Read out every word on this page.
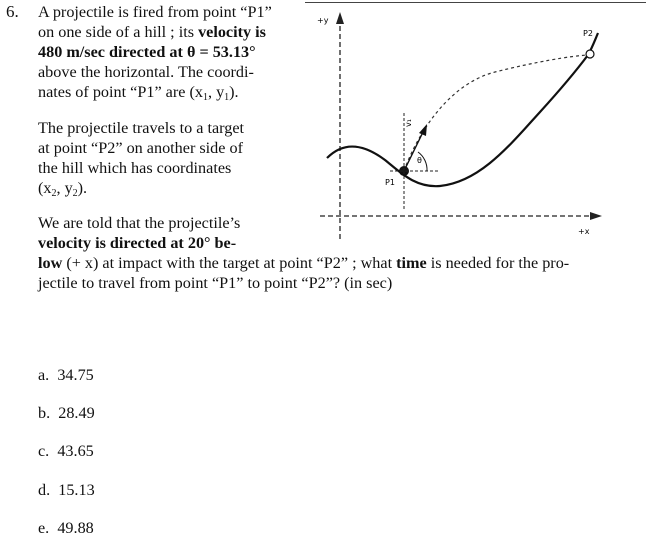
6. A projectile is fired from point “P1”

on one side of a hill ; its velocity is

480 m/sec directed at θ = 53.13°

above the horizontal. The coordi-

nates of point “P1” are ($x_1$, $y_1$).

The projectile travels to a target
at point “P2” on another side of
the hill which has coordinates
($x_2$, $y_2$).
We are told that the projectile’s
velocity is directed at 20° be-
low (+ x) at impact with the target at point “P2” ; what time is needed for the pro-
jectile to travel from point “P1” to point “P2”? (in sec)
+y
+x
P1
v₁
θ
P2
a. 34.75
b. 28.49
c. 43.65
d. 15.13
e. 49.88
